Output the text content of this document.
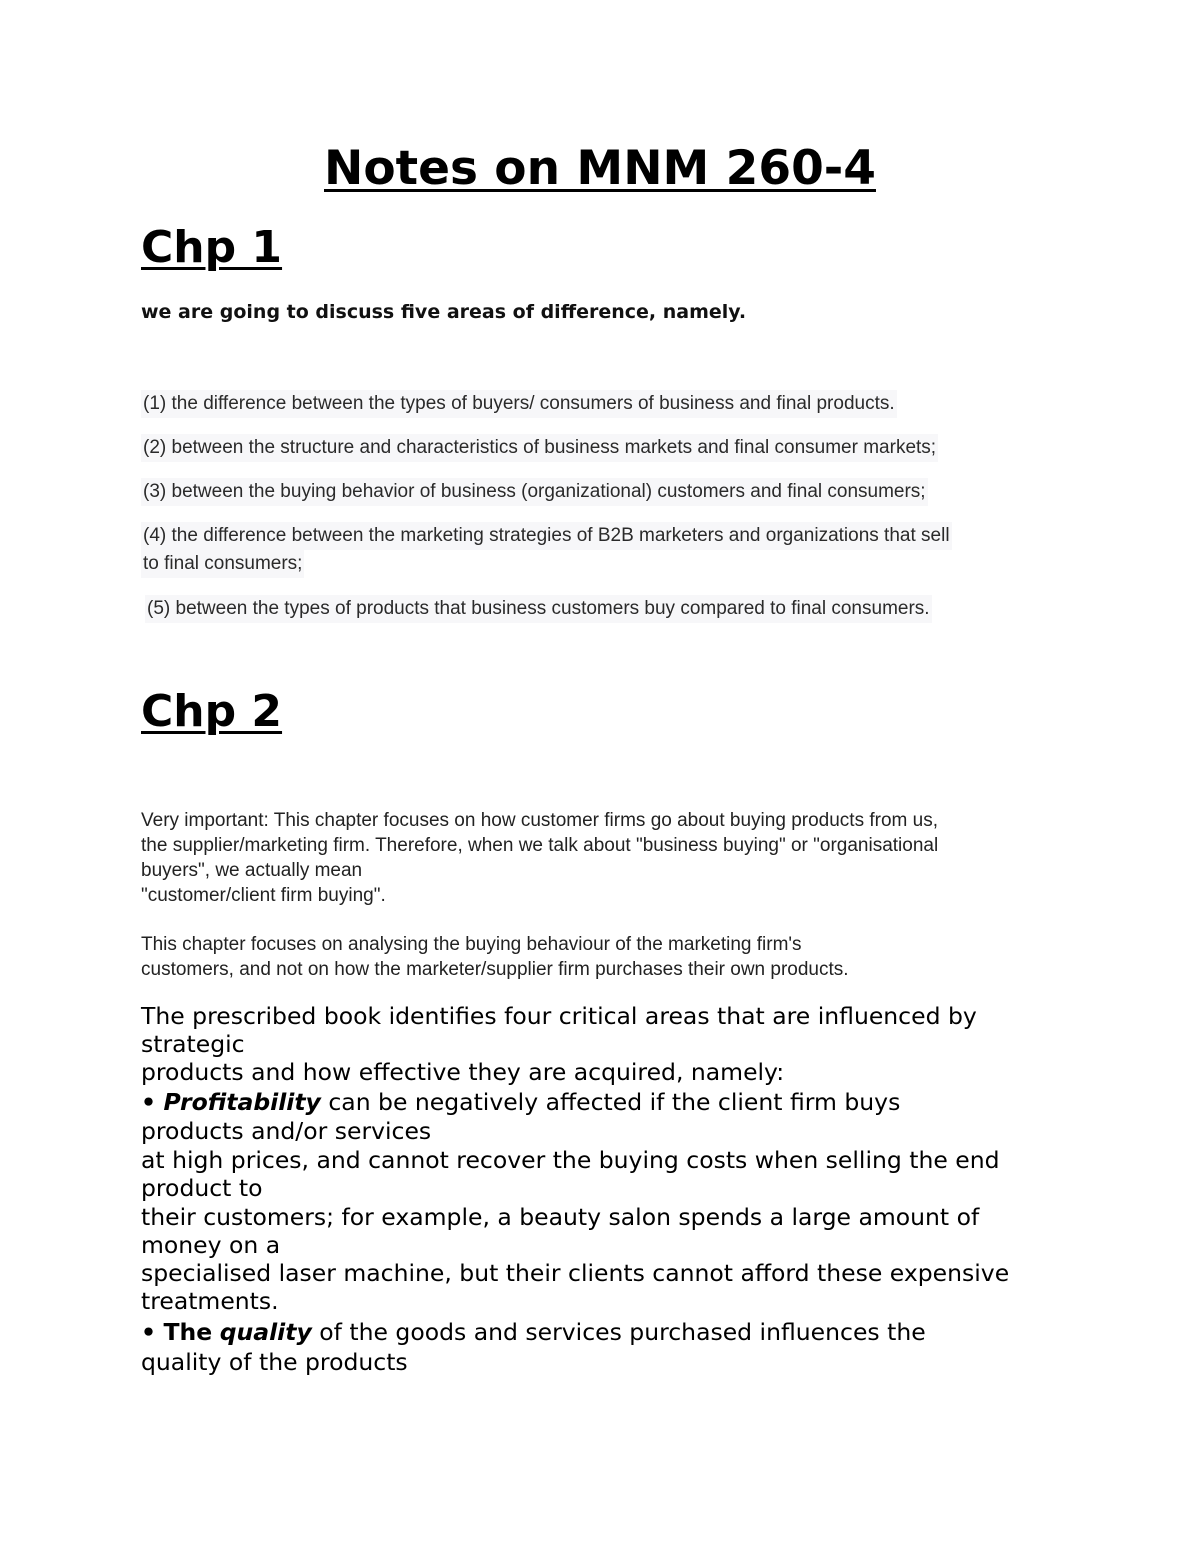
Notes on MNM 260-4
Chp 1

we are going to discuss five areas of difference, namely.

(1) the difference between the types of buyers/ consumers of business and final products.

(2) between the structure and characteristics of business markets and final consumer markets;

(3) between the buying behavior of business (organizational) customers and final consumers;

(4) the difference between the marketing strategies of B2B marketers and organizations that sell

to final consumers;

(5) between the types of products that business customers buy compared to final consumers.

Chp 2

Very important: This chapter focuses on how customer firms go about buying products from us,

the supplier/marketing firm. Therefore, when we talk about "business buying" or "organisational

buyers", we actually mean

"customer/client firm buying".

This chapter focuses on analysing the buying behaviour of the marketing firm's

customers, and not on how the marketer/supplier firm purchases their own products.

The prescribed book identifies four critical areas that are influenced by

strategic

products and how effective they are acquired, namely:

• Profitability can be negatively affected if the client firm buys

products and/or services

at high prices, and cannot recover the buying costs when selling the end

product to

their customers; for example, a beauty salon spends a large amount of

money on a

specialised laser machine, but their clients cannot afford these expensive

treatments.

• The quality of the goods and services purchased influences the

quality of the products
